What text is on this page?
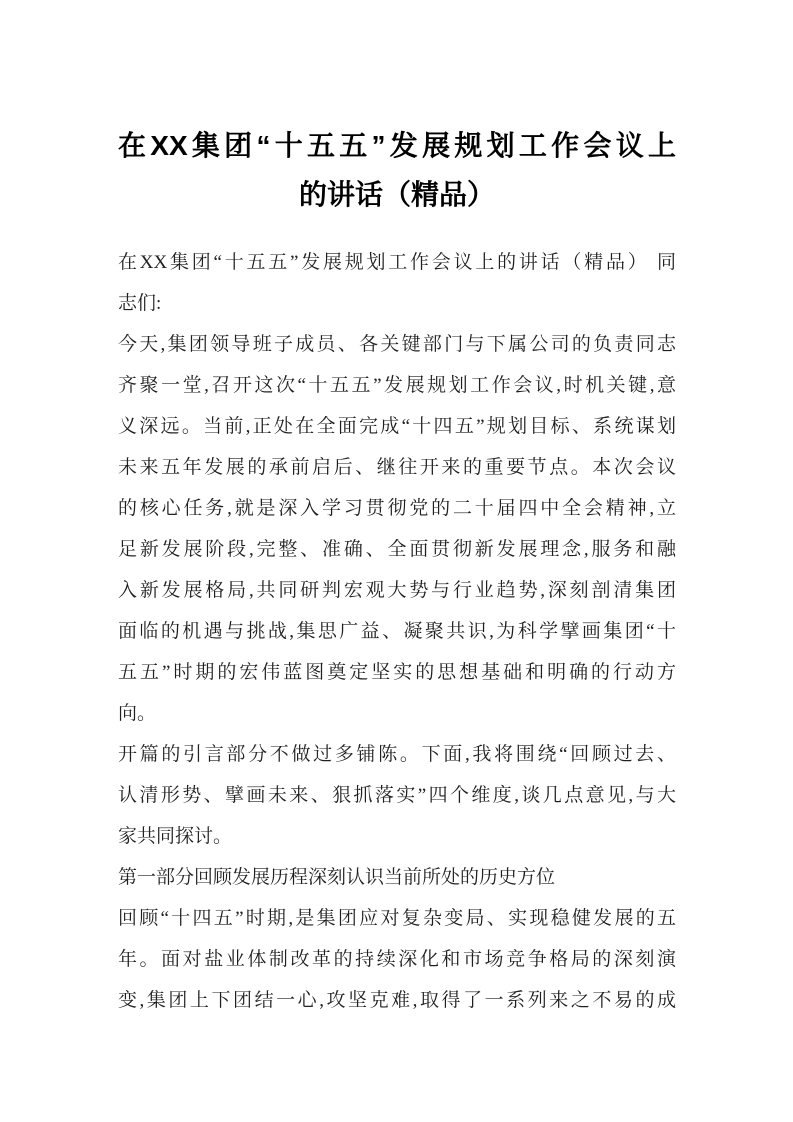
在XX集团“十五五”发展规划工作会议上
的讲话（精品）
在XX集团“十五五”发展规划工作会议上的讲话（精品） 同
志们:
今天,集团领导班子成员、各关键部门与下属公司的负责同志
齐聚一堂,召开这次“十五五”发展规划工作会议,时机关键,意
义深远。当前,正处在全面完成“十四五”规划目标、系统谋划
未来五年发展的承前启后、继往开来的重要节点。本次会议
的核心任务,就是深入学习贯彻党的二十届四中全会精神,立
足新发展阶段,完整、准确、全面贯彻新发展理念,服务和融
入新发展格局,共同研判宏观大势与行业趋势,深刻剖清集团
面临的机遇与挑战,集思广益、凝聚共识,为科学擘画集团“十
五五”时期的宏伟蓝图奠定坚实的思想基础和明确的行动方
向。
开篇的引言部分不做过多铺陈。下面,我将围绕“回顾过去、
认清形势、擘画未来、狠抓落实”四个维度,谈几点意见,与大
家共同探讨。
第一部分回顾发展历程深刻认识当前所处的历史方位
回顾“十四五”时期,是集团应对复杂变局、实现稳健发展的五
年。面对盐业体制改革的持续深化和市场竞争格局的深刻演
变,集团上下团结一心,攻坚克难,取得了一系列来之不易的成
